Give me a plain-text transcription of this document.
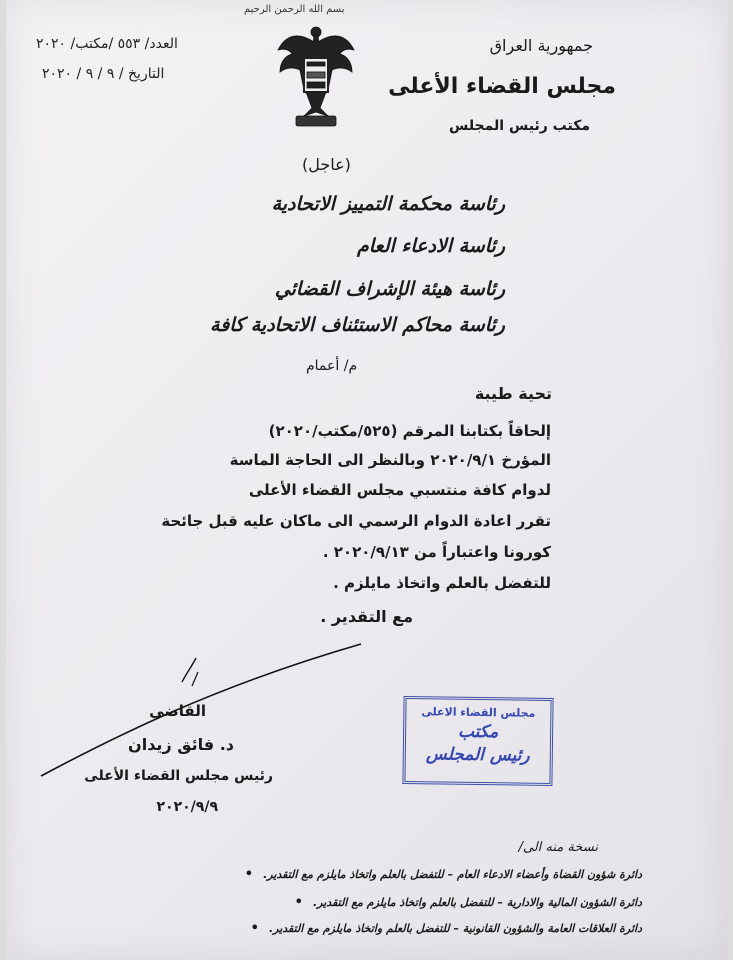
بسم الله الرحمن الرحيم
العدد/ ٥٥٣ /مكتب/ ٢٠٢٠
التاريخ / ٩ / ٩ / ٢٠٢٠
جمهورية العراق
مجلس القضاء الأعلى
مكتب رئيس المجلس
(عاجل)
رئاسة محكمة التمييز الاتحادية
رئاسة الادعاء العام
رئاسة هيئة الإشراف القضائي
رئاسة محاكم الاستئناف الاتحادية كافة
م/ أعمام
تحية طيبة
إلحاقاً بكتابنا المرقم (٥٢٥/مكتب/٢٠٢٠)
المؤرخ ٢٠٢٠/٩/١ وبالنظر الى الحاجة الماسة
لدوام كافة منتسبي مجلس القضاء الأعلى
تقرر اعادة الدوام الرسمي الى ماكان عليه قبل جائحة
كورونا واعتباراً من ٢٠٢٠/٩/١٣ .
للتفضل بالعلم واتخاذ مايلزم .
مع التقدير .
القاضي
د. فائق زيدان
رئيس مجلس القضاء الأعلى
٢٠٢٠/٩/٩
مجلس القضاء الاعلى
مكتب
رئيس المجلس
نسخة منه الى/
دائرة شؤون القضاة وأعضاء الادعاء العام – للتفضل بالعلم واتخاذ مايلزم مع التقدير. •
دائرة الشؤون المالية والادارية – للتفضل بالعلم واتخاذ مايلزم مع التقدير. •
دائرة العلاقات العامة والشؤون القانونية – للتفضل بالعلم واتخاذ مايلزم مع التقدير. •
